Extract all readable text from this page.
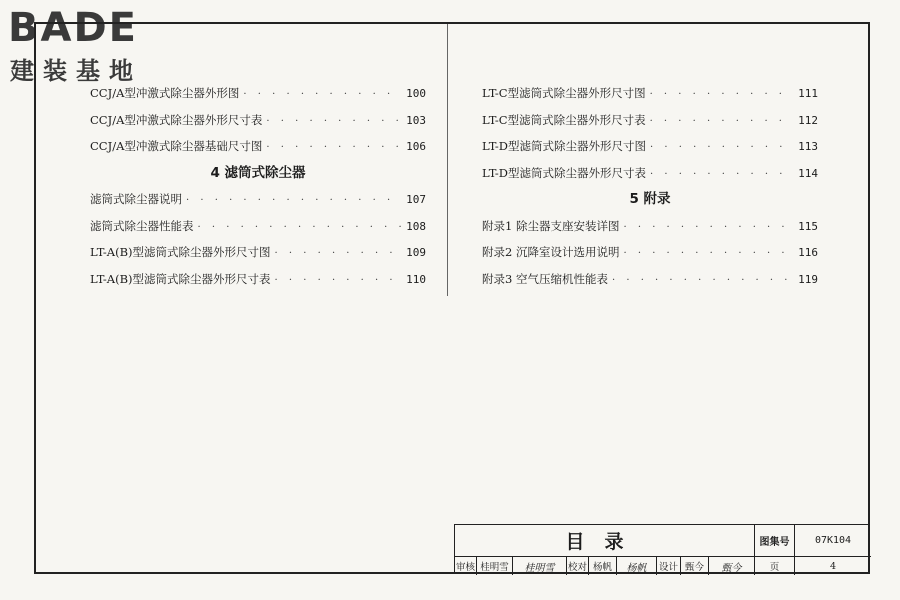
BADE
建装基地
CCJ/A型冲激式除尘器外形图 · · ·	100
CCJ/A型冲激式除尘器外形尺寸表 · · ·	103
CCJ/A型冲激式除尘器基础尺寸图 · · ·	106
4 滤筒式除尘器
滤筒式除尘器说明 · · ·	107
滤筒式除尘器性能表 · · ·	108
LT-A(B)型滤筒式除尘器外形尺寸图 · · ·	109
LT-A(B)型滤筒式除尘器外形尺寸表 · · ·	110
LT-C型滤筒式除尘器外形尺寸图 · · ·	111
LT-C型滤筒式除尘器外形尺寸表 · · ·	112
LT-D型滤筒式除尘器外形尺寸图 · · ·	113
LT-D型滤筒式除尘器外形尺寸表 · · ·	114
5 附录
附录1 除尘器支座安装详图 · · ·	115
附录2 沉降室设计选用说明 · · ·	116
附录3 空气压缩机性能表 · · ·	119
目录	图集号	07K104
审核 桂明雪	桂明雪	校对 杨帆	杨帆	设计 甄今	甄今	页	4
